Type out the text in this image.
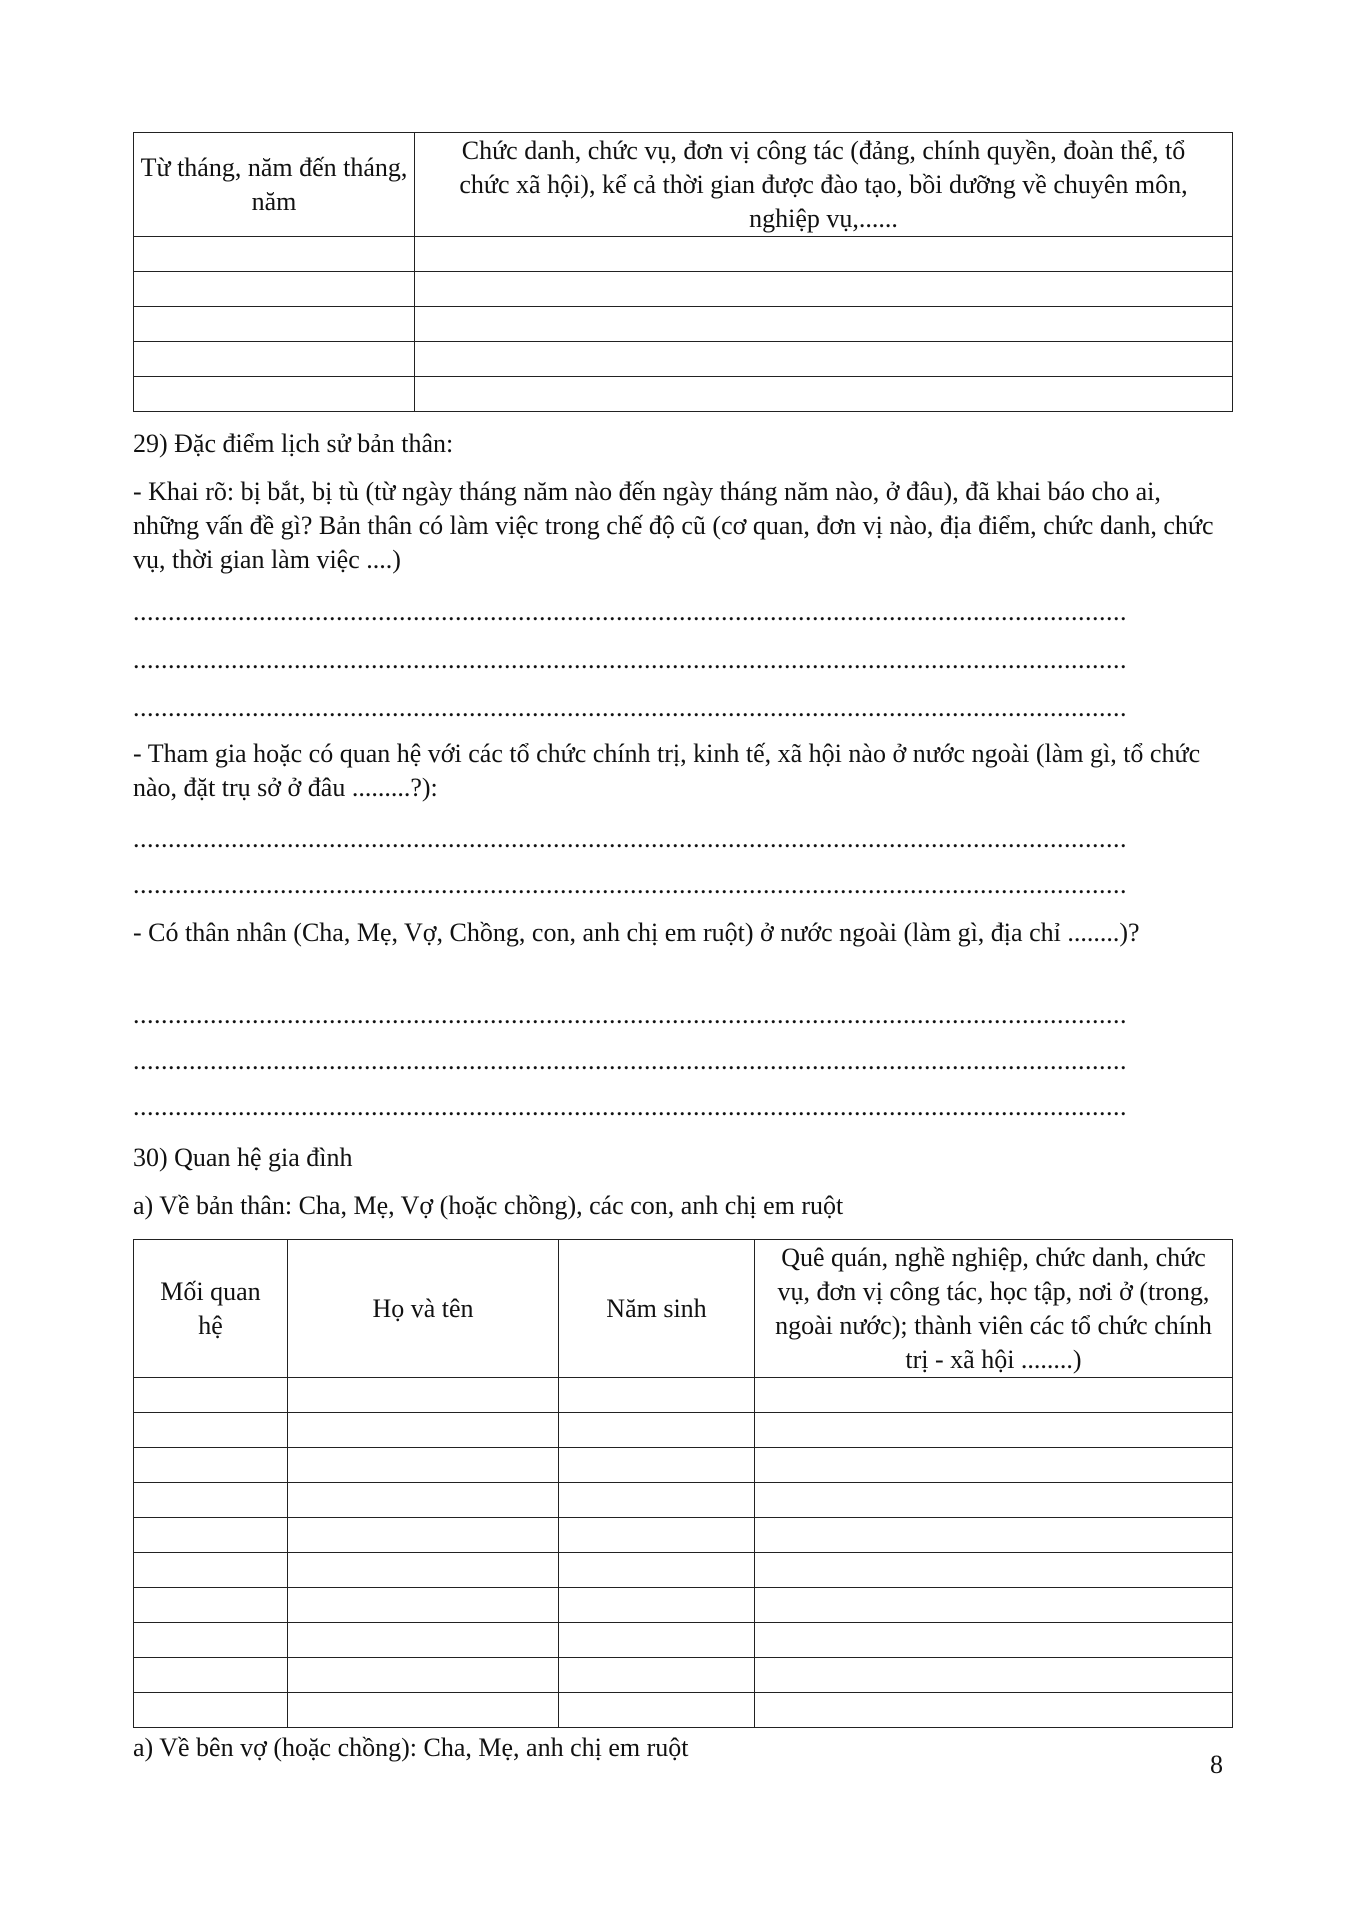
Từ tháng, năm đến tháng, năm	Chức danh, chức vụ, đơn vị công tác (đảng, chính quyền, đoàn thể, tổ chức xã hội), kể cả thời gian được đào tạo, bồi dưỡng về chuyên môn, nghiệp vụ,......

29) Đặc điểm lịch sử bản thân:
- Khai rõ: bị bắt, bị tù (từ ngày tháng năm nào đến ngày tháng năm nào, ở đâu), đã khai báo cho ai, những vấn đề gì? Bản thân có làm việc trong chế độ cũ (cơ quan, đơn vị nào, địa điểm, chức danh, chức vụ, thời gian làm việc ....)
..............................................................................................................................................
..............................................................................................................................................
..............................................................................................................................................
- Tham gia hoặc có quan hệ với các tổ chức chính trị, kinh tế, xã hội nào ở nước ngoài (làm gì, tổ chức nào, đặt trụ sở ở đâu .........?):
..............................................................................................................................................
..............................................................................................................................................
- Có thân nhân (Cha, Mẹ, Vợ, Chồng, con, anh chị em ruột) ở nước ngoài (làm gì, địa chỉ ........)?
..............................................................................................................................................
..............................................................................................................................................
..............................................................................................................................................
30) Quan hệ gia đình
a) Về bản thân: Cha, Mẹ, Vợ (hoặc chồng), các con, anh chị em ruột
Mối quan hệ	Họ và tên	Năm sinh	Quê quán, nghề nghiệp, chức danh, chức vụ, đơn vị công tác, học tập, nơi ở (trong, ngoài nước); thành viên các tổ chức chính trị - xã hội ........)

a) Về bên vợ (hoặc chồng): Cha, Mẹ, anh chị em ruột
8
